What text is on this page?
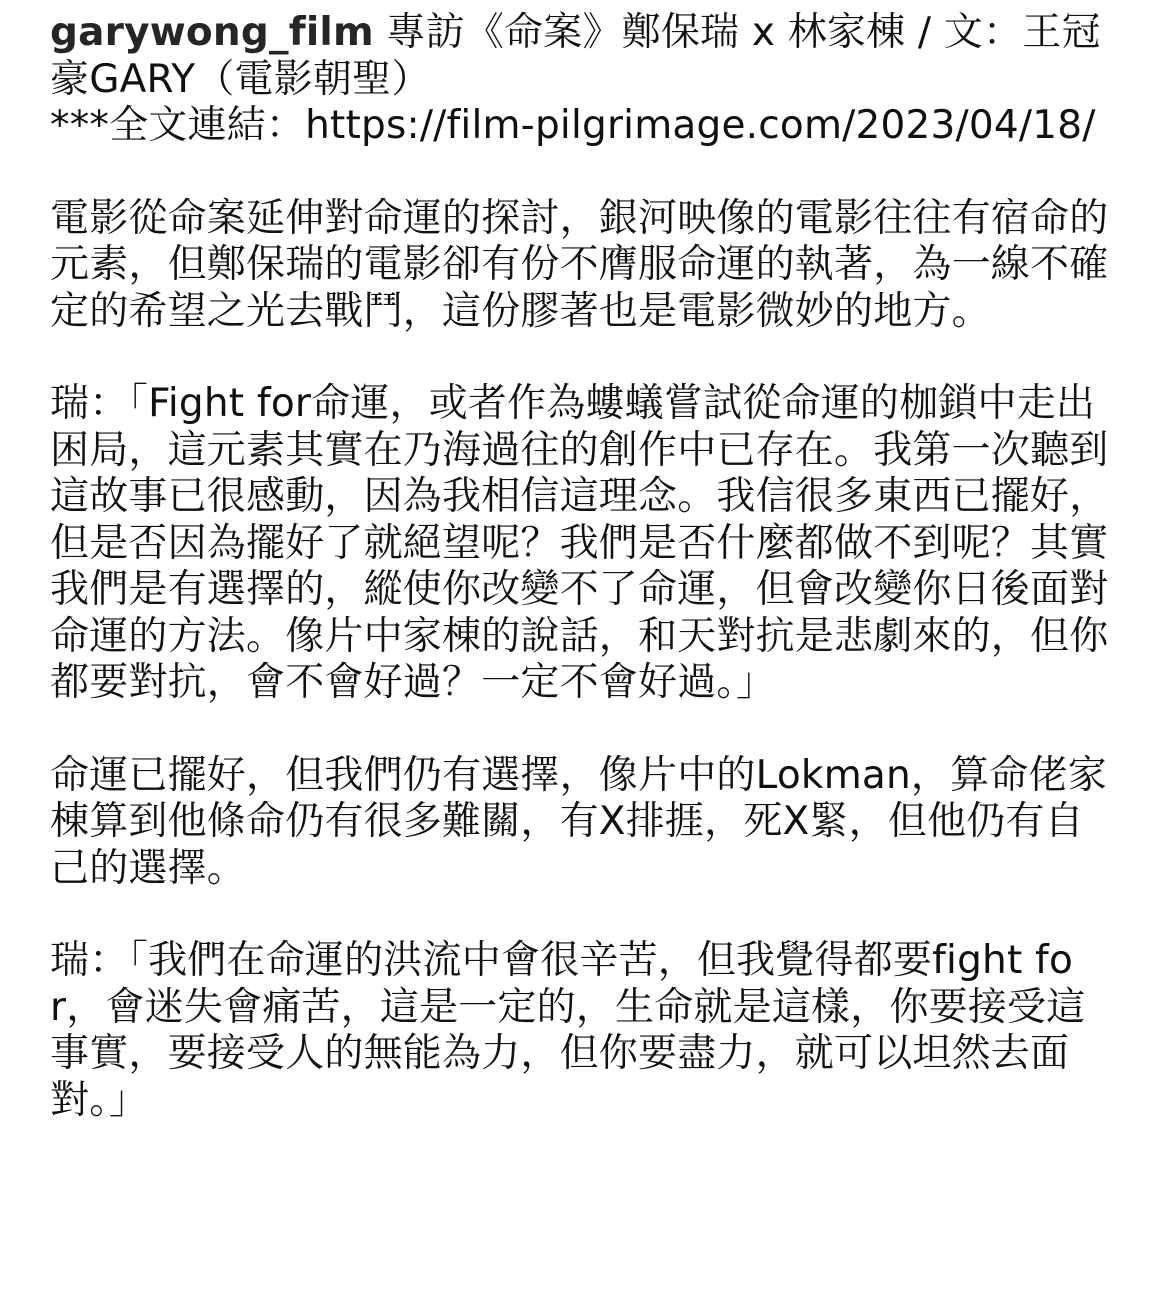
garywong_film 專訪《命案》鄭保瑞 x 林家棟 / 文：王冠豪GARY（電影朝聖）

***全文連結：https://film-pilgrimage.com/2023/04/18/

電影從命案延伸對命運的探討，銀河映像的電影往往有宿命的元素，但鄭保瑞的電影卻有份不膺服命運的執著，為一線不確定的希望之光去戰鬥，這份膠著也是電影微妙的地方。

瑞：「Fight for命運，或者作為螻蟻嘗試從命運的枷鎖中走出困局，這元素其實在乃海過往的創作中已存在。我第一次聽到這故事已很感動，因為我相信這理念。我信很多東西已擺好，但是否因為擺好了就絕望呢？我們是否什麼都做不到呢？其實我們是有選擇的，縱使你改變不了命運，但會改變你日後面對命運的方法。像片中家棟的說話，和天對抗是悲劇來的，但你都要對抗，會不會好過？一定不會好過。」

命運已擺好，但我們仍有選擇，像片中的Lokman，算命佬家棟算到他條命仍有很多難關，有X排捱，死X緊，但他仍有自己的選擇。

瑞：「我們在命運的洪流中會很辛苦，但我覺得都要fight for，會迷失會痛苦，這是一定的，生命就是這樣，你要接受這事實，要接受人的無能為力，但你要盡力，就可以坦然去面對。」
